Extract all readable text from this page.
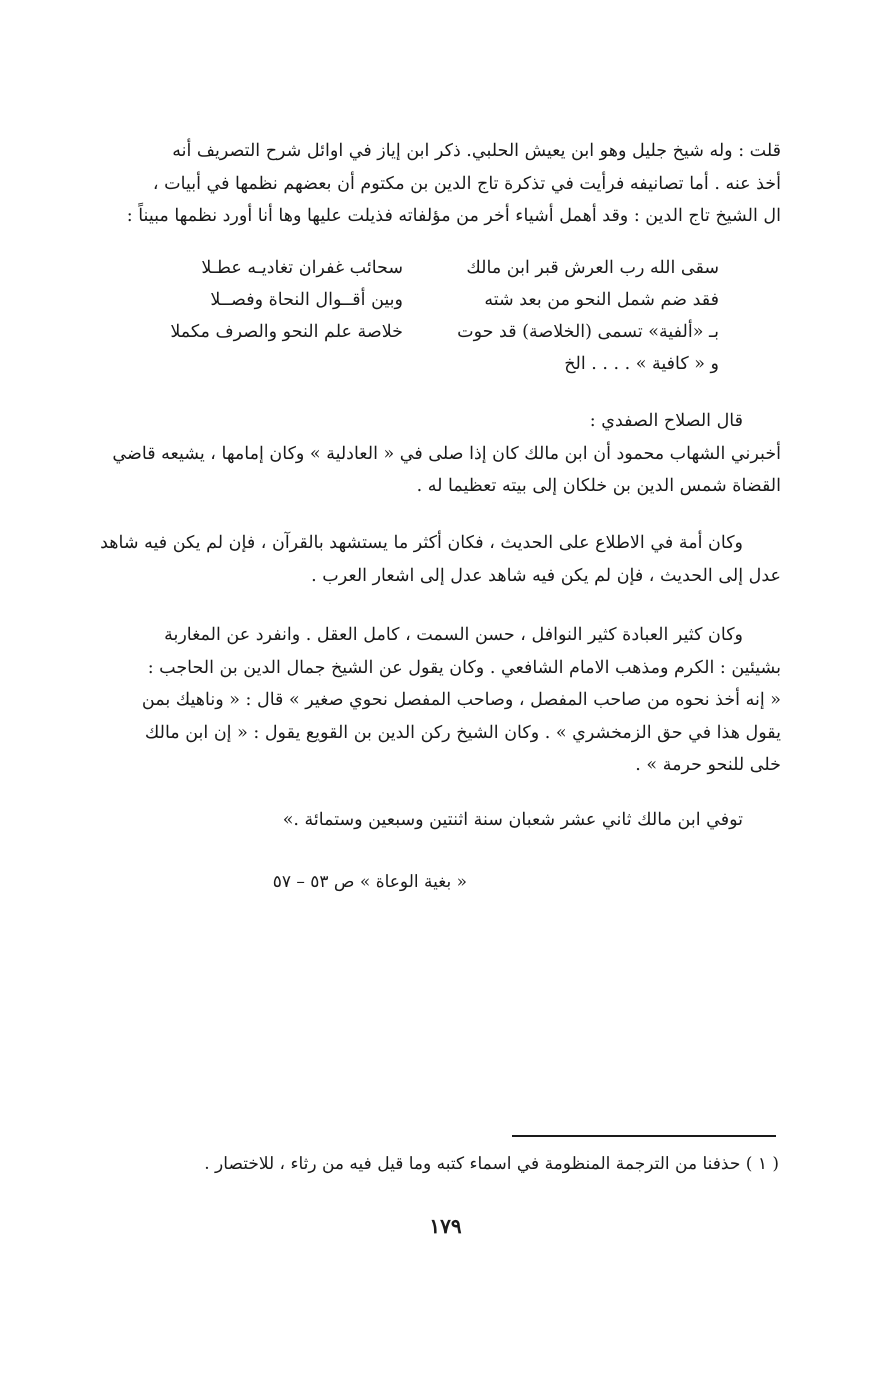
قلت : وله شيخ جليل وهو ابن يعيش الحلبي. ذكر ابن إياز في اوائل شرح التصريف أنه
أخذ عنه . أما تصانيفه فرأيت في تذكرة تاج الدين بن مكتوم أن بعضهم نظمها في أبيات ،
ال الشيخ تاج الدين : وقد أهمل أشياء أخر من مؤلفاته فذيلت عليها وها أنا أورد نظمها مبيناً :
سقى الله رب العرش قبر ابن مالك
فقد ضم شمل النحو من بعد شته
بـ «ألفية» تسمى (الخلاصة) قد حوت
و « كافية » . . . . الخ
سحائب غفران تغاديـه عطـلا
وبين أقــوال النحاة وفصــلا
خلاصة علم النحو والصرف مكملا
قال الصلاح الصفدي :
أخبرني الشهاب محمود أن ابن مالك كان إذا صلى في « العادلية » وكان إمامها ، يشيعه قاضي
القضاة شمس الدين بن خلكان إلى بيته تعظيما له .
وكان أمة في الاطلاع على الحديث ، فكان أكثر ما يستشهد بالقرآن ، فإن لم يكن فيه شاهد
عدل إلى الحديث ، فإن لم يكن فيه شاهد عدل إلى اشعار العرب .
وكان كثير العبادة كثير النوافل ، حسن السمت ، كامل العقل . وانفرد عن المغاربة
بشيئين : الكرم ومذهب الامام الشافعي . وكان يقول عن الشيخ جمال الدين بن الحاجب :
« إنه أخذ نحوه من صاحب المفصل ، وصاحب المفصل نحوي صغير » قال : « وناهيك بمن
يقول هذا في حق الزمخشري » . وكان الشيخ ركن الدين بن القويع يقول : « إن ابن مالك
خلى للنحو حرمة » .
توفي ابن مالك ثاني عشر شعبان سنة اثنتين وسبعين وستمائة .»
« بغية الوعاة » ص ٥٣ – ٥٧
( ١ ) حذفنا من الترجمة المنظومة في اسماء كتبه وما قيل فيه من رثاء ، للاختصار .
١٧٩
